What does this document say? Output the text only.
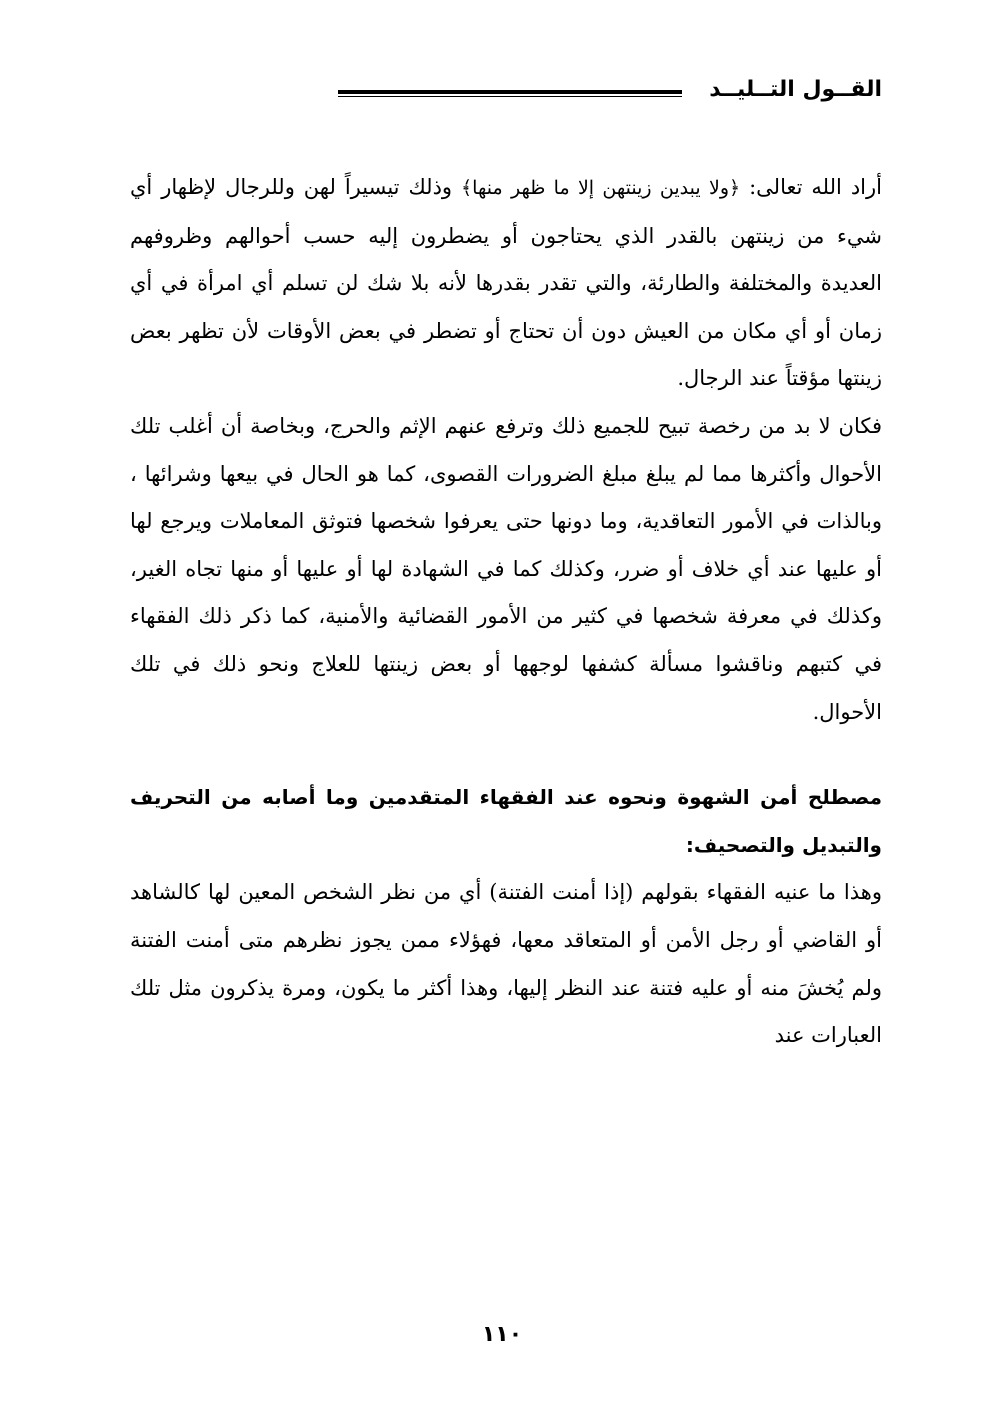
القــول التــليــد

أراد الله تعالى: ﴿ولا يبدين زينتهن إلا ما ظهر منها﴾ وذلك تيسيراً لهن وللرجال لإظهار أي شيء من زينتهن بالقدر الذي يحتاجون أو يضطرون إليه حسب أحوالهم وظروفهم العديدة والمختلفة والطارئة، والتي تقدر بقدرها لأنه بلا شك لن تسلم أي امرأة في أي زمان أو أي مكان من العيش دون أن تحتاج أو تضطر في بعض الأوقات لأن تظهر بعض زينتها مؤقتاً عند الرجال.

فكان لا بد من رخصة تبيح للجميع ذلك وترفع عنهم الإثم والحرج، وبخاصة أن أغلب تلك الأحوال وأكثرها مما لم يبلغ مبلغ الضرورات القصوى، كما هو الحال في بيعها وشرائها ، وبالذات في الأمور التعاقدية، وما دونها حتى يعرفوا شخصها فتوثق المعاملات ويرجع لها أو عليها عند أي خلاف أو ضرر، وكذلك كما في الشهادة لها أو عليها أو منها تجاه الغير، وكذلك في معرفة شخصها في كثير من الأمور القضائية والأمنية، كما ذكر ذلك الفقهاء في كتبهم وناقشوا مسألة كشفها لوجهها أو بعض زينتها للعلاج ونحو ذلك في تلك الأحوال.

مصطلح أمن الشهوة ونحوه عند الفقهاء المتقدمين وما أصابه من التحريف والتبديل والتصحيف:

وهذا ما عنيه الفقهاء بقولهم (إذا أمنت الفتنة) أي من نظر الشخص المعين لها كالشاهد أو القاضي أو رجل الأمن أو المتعاقد معها، فهؤلاء ممن يجوز نظرهم متى أمنت الفتنة ولم يُخشَ منه أو عليه فتنة عند النظر إليها، وهذا أكثر ما يكون، ومرة يذكرون مثل تلك العبارات عند

١١٠
